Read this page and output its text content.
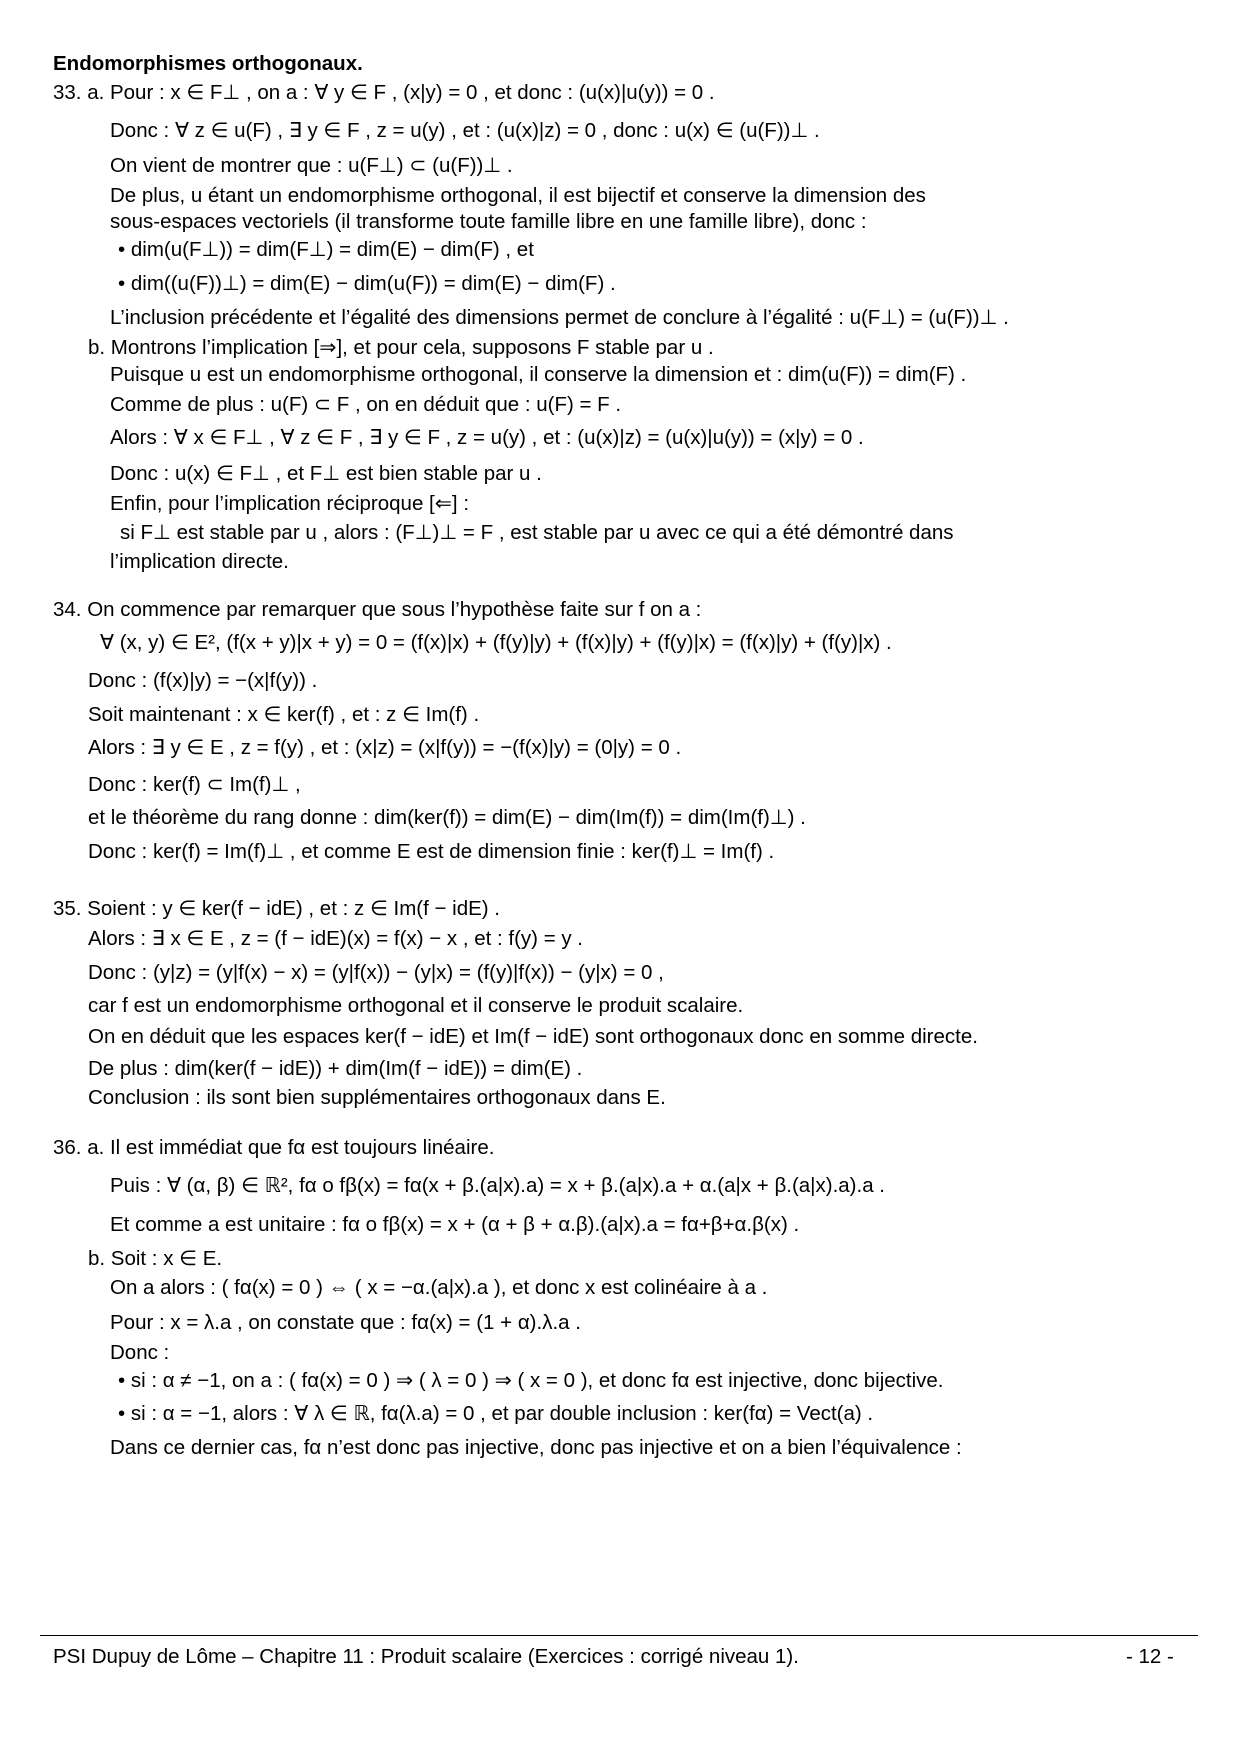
Endomorphismes orthogonaux.
33. a. Pour : x ∈ F⊥ , on a : ∀ y ∈ F , (x|y) = 0 , et donc : (u(x)|u(y)) = 0 .
Donc : ∀ z ∈ u(F) , ∃ y ∈ F , z = u(y) , et : (u(x)|z) = 0 , donc : u(x) ∈ (u(F))⊥ .
On vient de montrer que : u(F⊥) ⊂ (u(F))⊥ .
De plus, u étant un endomorphisme orthogonal, il est bijectif et conserve la dimension des
sous-espaces vectoriels (il transforme toute famille libre en une famille libre), donc :
• dim(u(F⊥)) = dim(F⊥) = dim(E) − dim(F) , et
• dim((u(F))⊥) = dim(E) − dim(u(F)) = dim(E) − dim(F) .
L’inclusion précédente et l’égalité des dimensions permet de conclure à l’égalité : u(F⊥) = (u(F))⊥ .
b. Montrons l’implication [⇒], et pour cela, supposons F stable par u .
Puisque u est un endomorphisme orthogonal, il conserve la dimension et : dim(u(F)) = dim(F) .
Comme de plus : u(F) ⊂ F , on en déduit que : u(F) = F .
Alors : ∀ x ∈ F⊥ , ∀ z ∈ F , ∃ y ∈ F , z = u(y) , et : (u(x)|z) = (u(x)|u(y)) = (x|y) = 0 .
Donc : u(x) ∈ F⊥ , et F⊥ est bien stable par u .
Enfin, pour l’implication réciproque [⇐] :
si F⊥ est stable par u , alors : (F⊥)⊥ = F , est stable par u avec ce qui a été démontré dans
l’implication directe.
34. On commence par remarquer que sous l’hypothèse faite sur f on a :
∀ (x, y) ∈ E², (f(x + y)|x + y) = 0 = (f(x)|x) + (f(y)|y) + (f(x)|y) + (f(y)|x) = (f(x)|y) + (f(y)|x) .
Donc : (f(x)|y) = −(x|f(y)) .
Soit maintenant : x ∈ ker(f) , et : z ∈ Im(f) .
Alors : ∃ y ∈ E , z = f(y) , et : (x|z) = (x|f(y)) = −(f(x)|y) = (0|y) = 0 .
Donc : ker(f) ⊂ Im(f)⊥ ,
et le théorème du rang donne : dim(ker(f)) = dim(E) − dim(Im(f)) = dim(Im(f)⊥) .
Donc : ker(f) = Im(f)⊥ , et comme E est de dimension finie : ker(f)⊥ = Im(f) .
35. Soient : y ∈ ker(f − idE) , et : z ∈ Im(f − idE) .
Alors : ∃ x ∈ E , z = (f − idE)(x) = f(x) − x , et : f(y) = y .
Donc : (y|z) = (y|f(x) − x) = (y|f(x)) − (y|x) = (f(y)|f(x)) − (y|x) = 0 ,
car f est un endomorphisme orthogonal et il conserve le produit scalaire.
On en déduit que les espaces ker(f − idE) et Im(f − idE) sont orthogonaux donc en somme directe.
De plus : dim(ker(f − idE)) + dim(Im(f − idE)) = dim(E) .
Conclusion : ils sont bien supplémentaires orthogonaux dans E.
36. a. Il est immédiat que fα est toujours linéaire.
Puis : ∀ (α, β) ∈ ℝ², fα o fβ(x) = fα(x + β.(a|x).a) = x + β.(a|x).a + α.(a|x + β.(a|x).a).a .
Et comme a est unitaire : fα o fβ(x) = x + (α + β + α.β).(a|x).a = fα+β+α.β(x) .
b. Soit : x ∈ E.
On a alors : ( fα(x) = 0 ) ⇔ ( x = −α.(a|x).a ), et donc x est colinéaire à a .
Pour : x = λ.a , on constate que : fα(x) = (1 + α).λ.a .
Donc :
• si : α ≠ −1, on a : ( fα(x) = 0 ) ⇒ ( λ = 0 ) ⇒ ( x = 0 ), et donc fα est injective, donc bijective.
• si : α = −1, alors : ∀ λ ∈ ℝ, fα(λ.a) = 0 , et par double inclusion : ker(fα) = Vect(a) .
Dans ce dernier cas, fα n’est donc pas injective, donc pas injective et on a bien l’équivalence :
PSI Dupuy de Lôme – Chapitre 11 : Produit scalaire (Exercices : corrigé niveau 1).	- 12 -
